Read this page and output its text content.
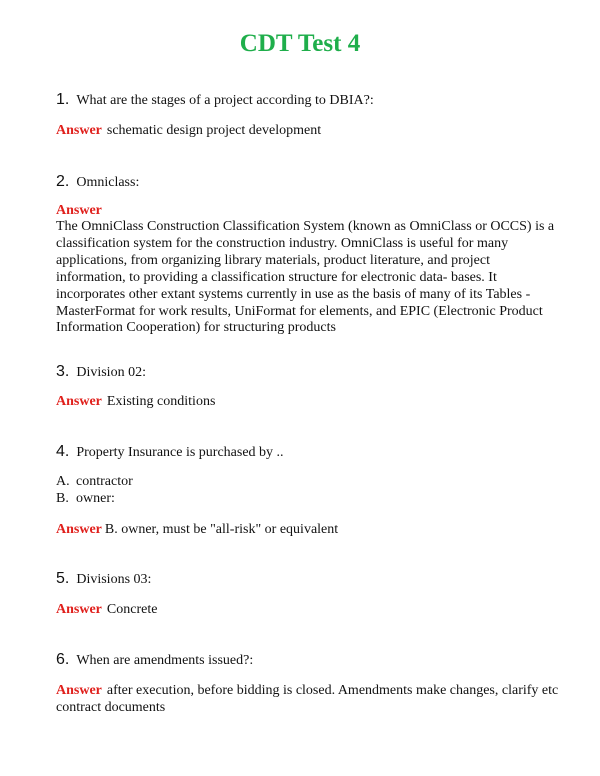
CDT Test 4
1. What are the stages of a project according to DBIA?:
Answer schematic design project development
2. Omniclass:
Answer
The OmniClass Construction Classification System (known as OmniClass or OCCS) is a classification system for the construction industry. OmniClass is useful for many applications, from organizing library materials, product literature, and project information, to providing a classification structure for electronic data- bases. It incorporates other extant systems currently in use as the basis of many of its Tables - MasterFormat for work results, UniFormat for elements, and EPIC (Electronic Product Information Cooperation) for structuring products
3. Division 02:
Answer Existing conditions
4. Property Insurance is purchased by ..
A. contractor
B. owner:
Answer B. owner, must be "all-risk" or equivalent
5. Divisions 03:
Answer Concrete
6. When are amendments issued?:
Answer after execution, before bidding is closed. Amendments make changes, clarify etc
contract documents
